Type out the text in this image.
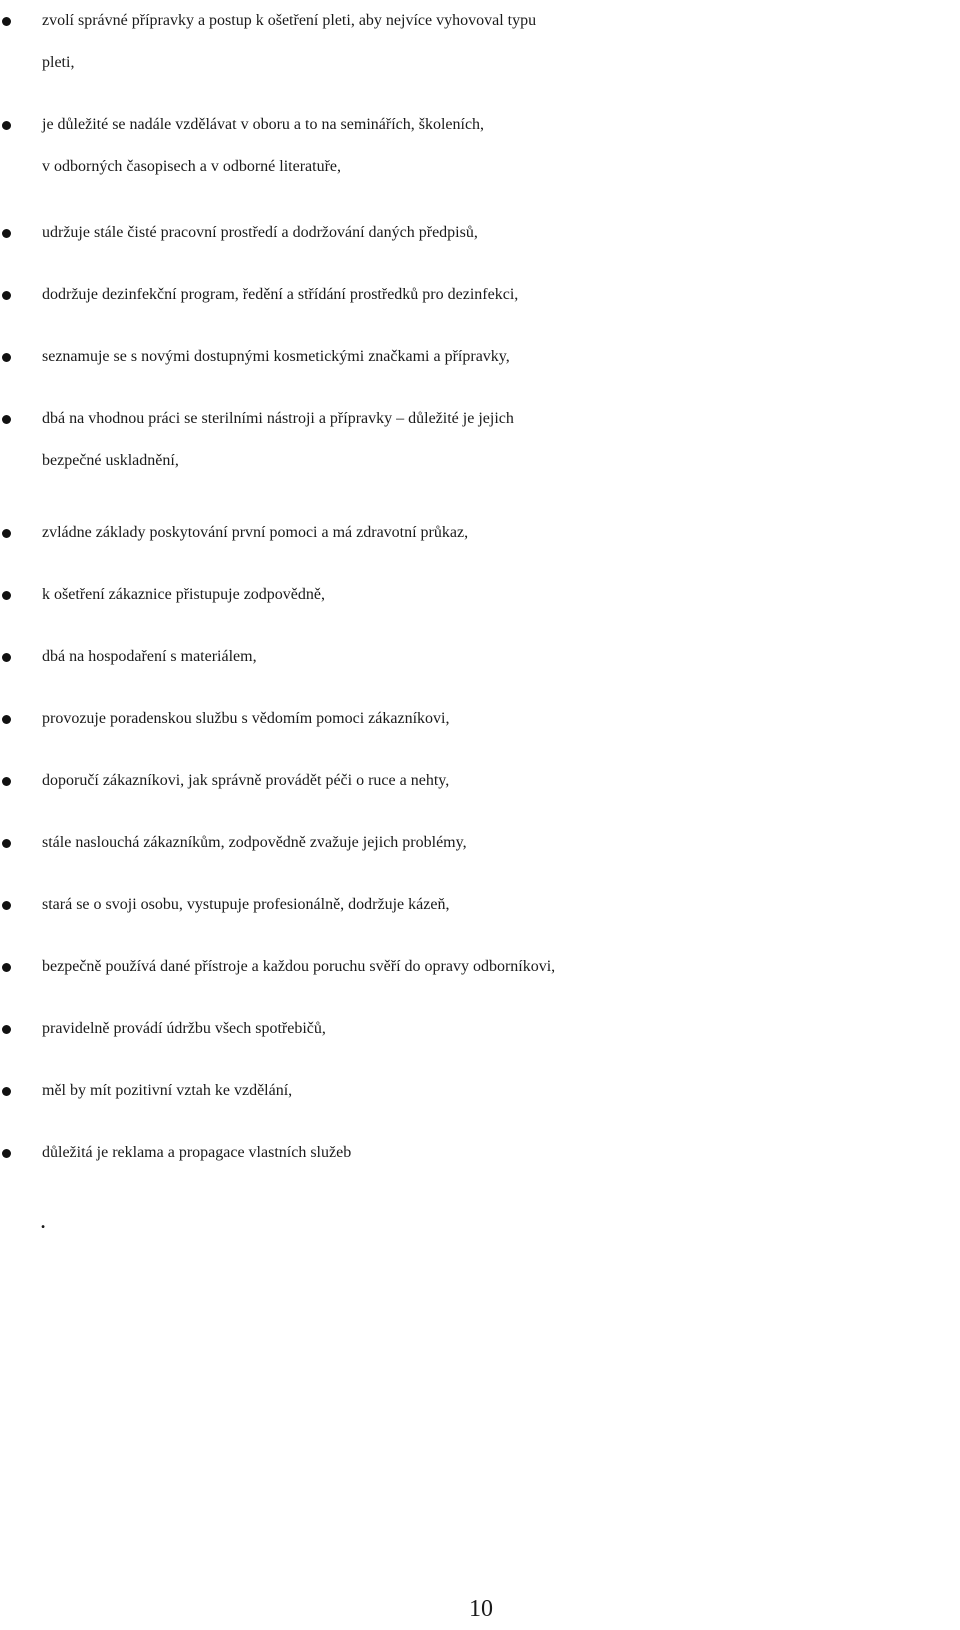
zvolí správné přípravky a postup k ošetření pleti, aby nejvíce vyhovoval typu
pleti,
je důležité se nadále vzdělávat v oboru a to na seminářích, školeních,
v odborných časopisech a v odborné literatuře,
udržuje stále čisté pracovní prostředí a dodržování daných předpisů,
dodržuje dezinfekční program, ředění a střídání prostředků pro dezinfekci,
seznamuje se s novými dostupnými kosmetickými značkami a přípravky,
dbá na vhodnou práci se sterilními nástroji a přípravky – důležité je jejich
bezpečné uskladnění,
zvládne základy poskytování první pomoci a má zdravotní průkaz,
k ošetření zákaznice přistupuje zodpovědně,
dbá na hospodaření s materiálem,
provozuje poradenskou službu s vědomím pomoci zákazníkovi,
doporučí zákazníkovi, jak správně provádět péči o ruce a nehty,
stále naslouchá zákazníkům, zodpovědně zvažuje jejich problémy,
stará se o svoji osobu, vystupuje profesionálně, dodržuje kázeň,
bezpečně používá dané přístroje a každou poruchu svěří do opravy odborníkovi,
pravidelně provádí údržbu všech spotřebičů,
měl by mít pozitivní vztah ke vzdělání,
důležitá je reklama a propagace vlastních služeb
.
10
